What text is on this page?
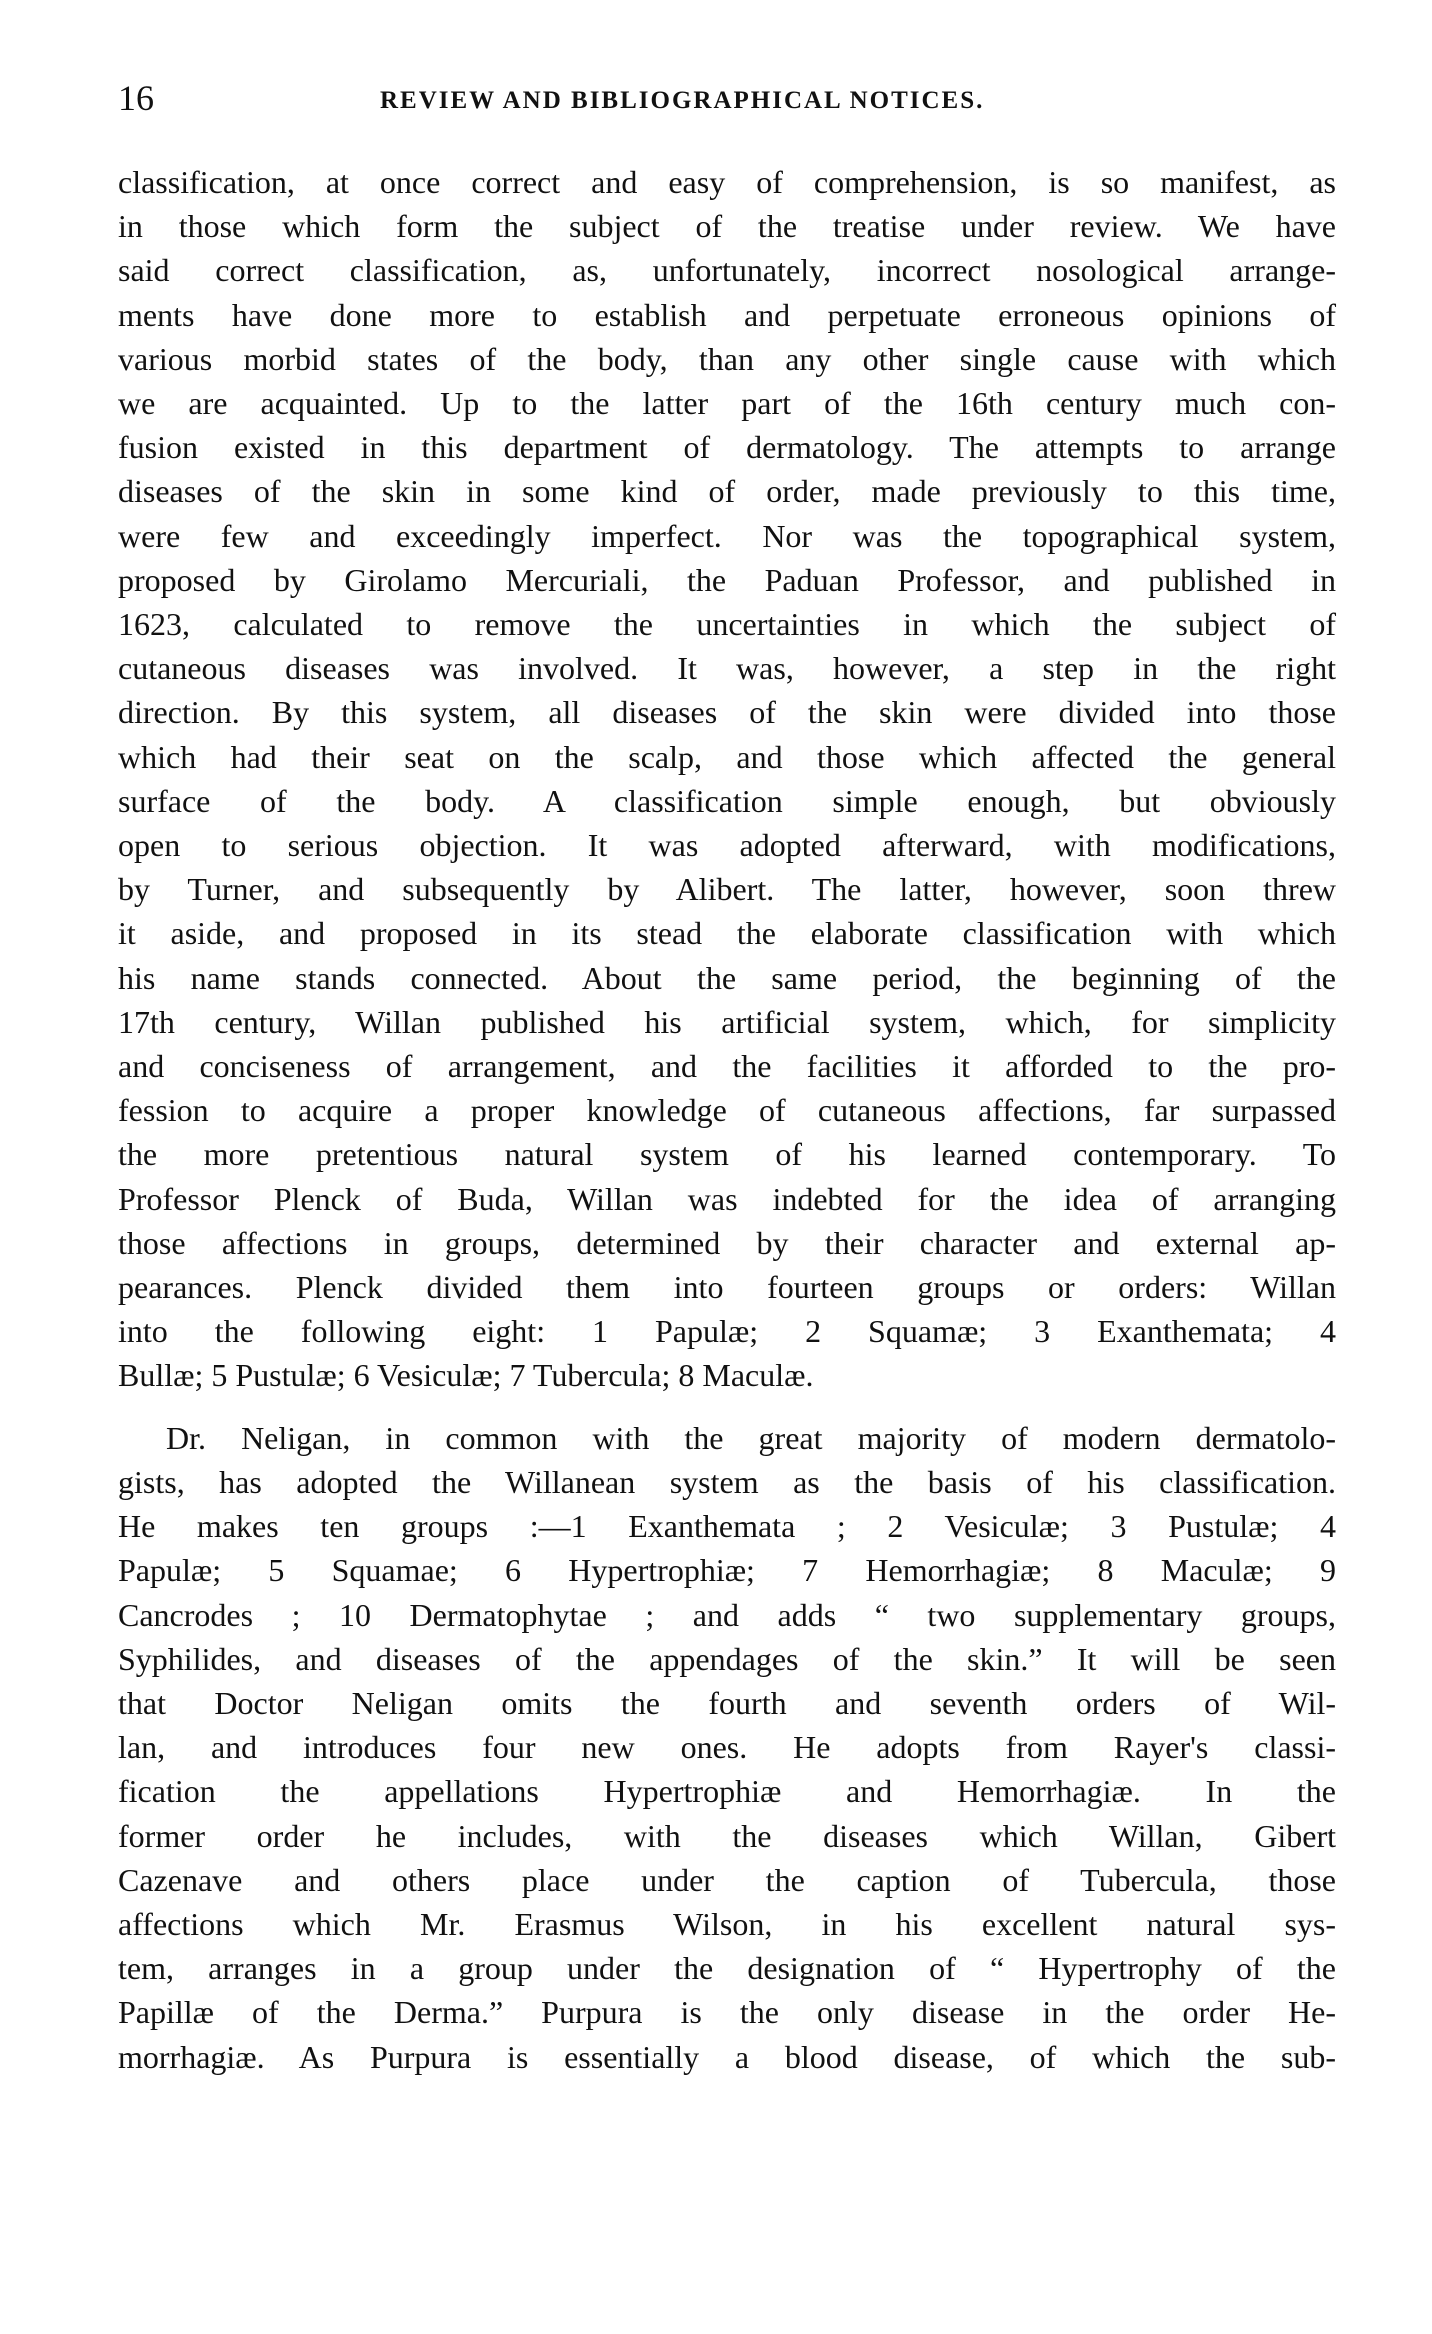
16	REVIEW AND BIBLIOGRAPHICAL NOTICES.

classification, at once correct and easy of comprehension, is so manifest, as
in those which form the subject of the treatise under review. We have
said correct classification, as, unfortunately, incorrect nosological arrange-
ments have done more to establish and perpetuate erroneous opinions of
various morbid states of the body, than any other single cause with which
we are acquainted. Up to the latter part of the 16th century much con-
fusion existed in this department of dermatology. The attempts to arrange
diseases of the skin in some kind of order, made previously to this time,
were few and exceedingly imperfect. Nor was the topographical system,
proposed by Girolamo Mercuriali, the Paduan Professor, and published in
1623, calculated to remove the uncertainties in which the subject of
cutaneous diseases was involved. It was, however, a step in the right
direction. By this system, all diseases of the skin were divided into those
which had their seat on the scalp, and those which affected the general
surface of the body. A classification simple enough, but obviously
open to serious objection. It was adopted afterward, with modifications,
by Turner, and subsequently by Alibert. The latter, however, soon threw
it aside, and proposed in its stead the elaborate classification with which
his name stands connected. About the same period, the beginning of the
17th century, Willan published his artificial system, which, for simplicity
and conciseness of arrangement, and the facilities it afforded to the pro-
fession to acquire a proper knowledge of cutaneous affections, far surpassed
the more pretentious natural system of his learned contemporary. To
Professor Plenck of Buda, Willan was indebted for the idea of arranging
those affections in groups, determined by their character and external ap-
pearances. Plenck divided them into fourteen groups or orders: Willan
into the following eight: 1 Papulæ; 2 Squamæ; 3 Exanthemata; 4
Bullæ; 5 Pustulæ; 6 Vesiculæ; 7 Tubercula; 8 Maculæ.

Dr. Neligan, in common with the great majority of modern dermatolo-
gists, has adopted the Willanean system as the basis of his classification.
He makes ten groups :—1 Exanthemata ; 2 Vesiculæ; 3 Pustulæ; 4
Papulæ; 5 Squamae; 6 Hypertrophiæ; 7 Hemorrhagiæ; 8 Maculæ; 9
Cancrodes ; 10 Dermatophytae ; and adds “ two supplementary groups,
Syphilides, and diseases of the appendages of the skin.” It will be seen
that Doctor Neligan omits the fourth and seventh orders of Wil-
lan, and introduces four new ones. He adopts from Rayer's classi-
fication the appellations Hypertrophiæ and Hemorrhagiæ. In the
former order he includes, with the diseases which Willan, Gibert
Cazenave and others place under the caption of Tubercula, those
affections which Mr. Erasmus Wilson, in his excellent natural sys-
tem, arranges in a group under the designation of “ Hypertrophy of the
Papillæ of the Derma.” Purpura is the only disease in the order He-
morrhagiæ. As Purpura is essentially a blood disease, of which the sub-
